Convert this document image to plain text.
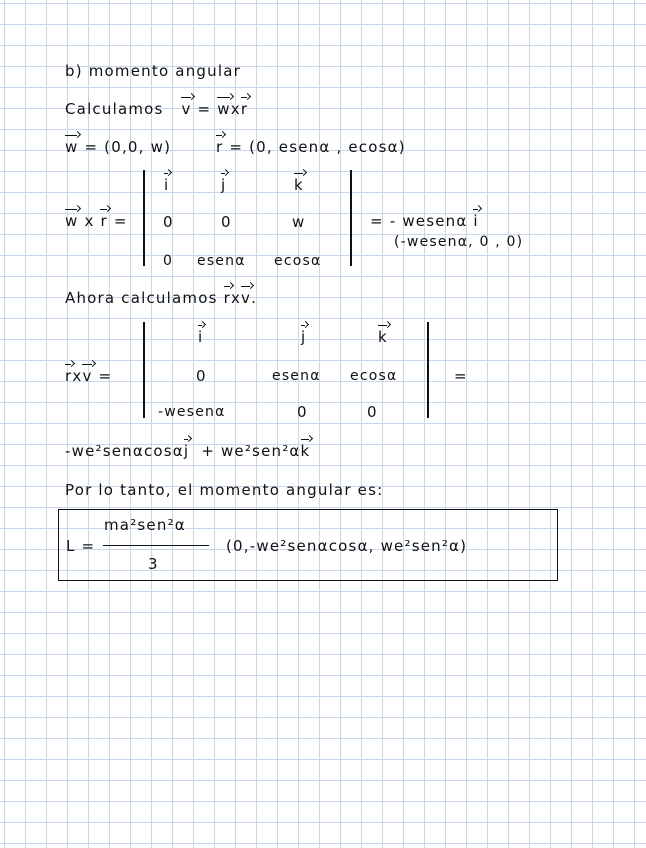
b) momento angular
Calculamos v = wxr
w = (0,0, w)	r = (0, esenα , ecosα)
w x r =
i	j	k
0	0	w
0 esenα ecosα
= - wesenα i
(-wesenα, 0 , 0)
Ahora calculamos rxv.
rxv =
i	j	k
0	esenα ecosα
-wesenα	0	0
=
-we²senαcosαj + we²sen²αk
Por lo tanto, el momento angular es:
L =
ma²sen²α
3
(0,-we²senαcosα, we²sen²α)
